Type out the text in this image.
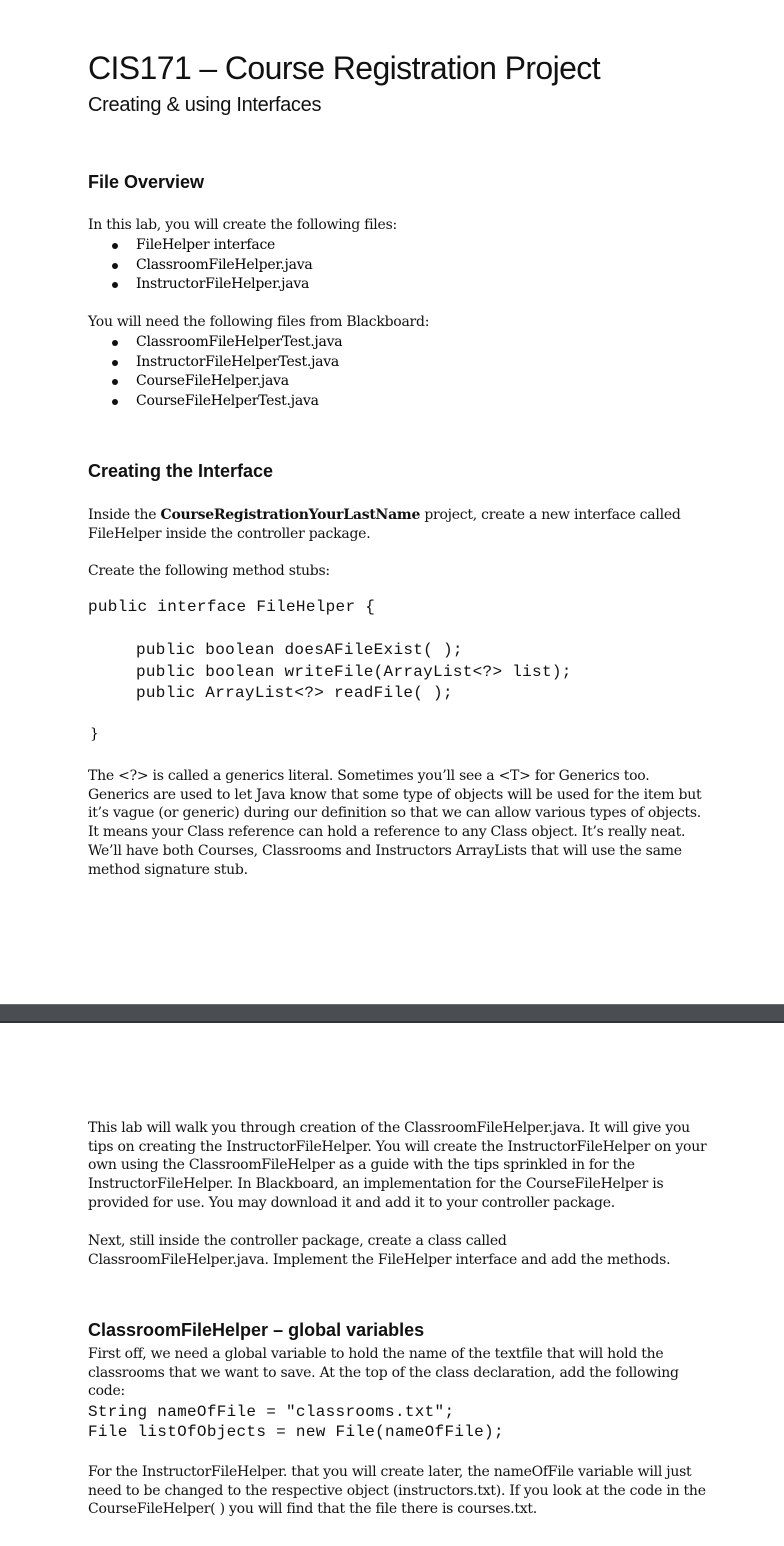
CIS171 – Course Registration Project
Creating & using Interfaces
File Overview

In this lab, you will create the following files:

FileHelper interface
ClassroomFileHelper.java
InstructorFileHelper.java

You will need the following files from Blackboard:

ClassroomFileHelperTest.java
InstructorFileHelperTest.java
CourseFileHelper.java
CourseFileHelperTest.java
Creating the Interface

Inside the CourseRegistrationYourLastName project, create a new interface called FileHelper inside the controller package.

Create the following method stubs:

public interface FileHelper {
public boolean doesAFileExist( );
public boolean writeFile(ArrayList<?> list);
public ArrayList<?> readFile( );
}

The <?> is called a generics literal. Sometimes you’ll see a <T> for Generics too. Generics are used to let Java know that some type of objects will be used for the item but it’s vague (or generic) during our definition so that we can allow various types of objects. It means your Class reference can hold a reference to any Class object. It’s really neat. We’ll have both Courses, Classrooms and Instructors ArrayLists that will use the same method signature stub.

This lab will walk you through creation of the ClassroomFileHelper.java. It will give you tips on creating the InstructorFileHelper. You will create the InstructorFileHelper on your own using the ClassroomFileHelper as a guide with the tips sprinkled in for the InstructorFileHelper. In Blackboard, an implementation for the CourseFileHelper is provided for use. You may download it and add it to your controller package.

Next, still inside the controller package, create a class called ClassroomFileHelper.java. Implement the FileHelper interface and add the methods.

ClassroomFileHelper – global variables

First off, we need a global variable to hold the name of the textfile that will hold the classrooms that we want to save. At the top of the class declaration, add the following code:

String nameOfFile = "classrooms.txt";
File listOfObjects = new File(nameOfFile);

For the InstructorFileHelper. that you will create later, the nameOfFile variable will just need to be changed to the respective object (instructors.txt). If you look at the code in the CourseFileHelper( ) you will find that the file there is courses.txt.
